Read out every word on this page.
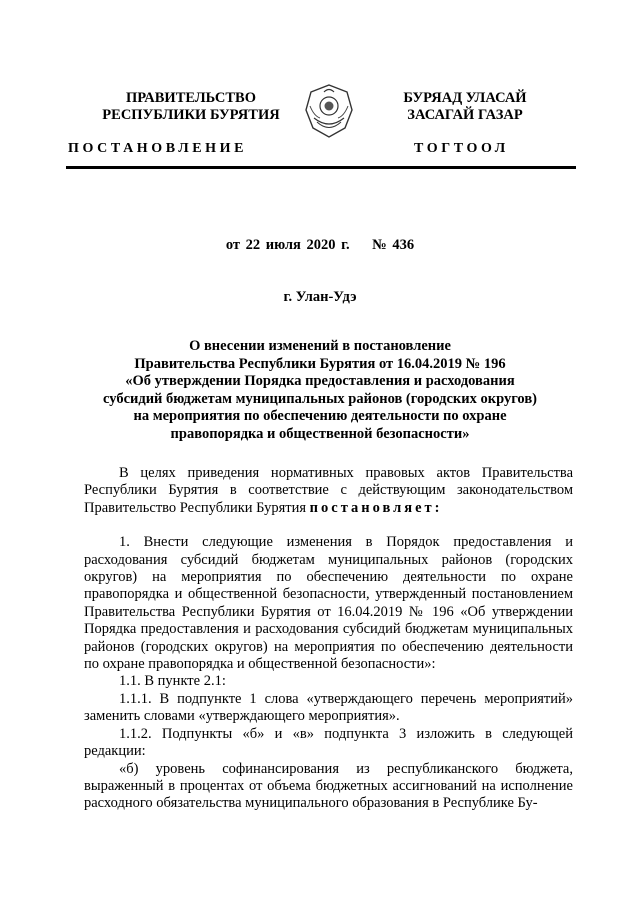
ПРАВИТЕЛЬСТВО
РЕСПУБЛИКИ БУРЯТИЯ
БУРЯАД УЛАСАЙ
ЗАСАГАЙ ГАЗАР
ПОСТАНОВЛЕНИЕ	ТОГТООЛ
от 22 июля 2020 г. № 436
г. Улан-Удэ
О внесении изменений в постановление
Правительства Республики Бурятия от 16.04.2019 № 196
«Об утверждении Порядка предоставления и расходования
субсидий бюджетам муниципальных районов (городских округов)
на мероприятия по обеспечению деятельности по охране
правопорядка и общественной безопасности»

В целях приведения нормативных правовых актов Правительства Республики Бурятия в соответствие с действующим законодательством Правительство Республики Бурятия постановляет:

1. Внести следующие изменения в Порядок предоставления и расходования субсидий бюджетам муниципальных районов (городских округов) на мероприятия по обеспечению деятельности по охране правопорядка и общественной безопасности, утвержденный постановлением Правительства Республики Бурятия от 16.04.2019 № 196 «Об утверждении Порядка предоставления и расходования субсидий бюджетам муниципальных районов (городских округов) на мероприятия по обеспечению деятельности по охране правопорядка и общественной безопасности»:

1.1. В пункте 2.1:

1.1.1. В подпункте 1 слова «утверждающего перечень мероприятий» заменить словами «утверждающего мероприятия».

1.1.2. Подпункты «б» и «в» подпункта 3 изложить в следующей редакции:

«б) уровень софинансирования из республиканского бюджета, выраженный в процентах от объема бюджетных ассигнований на исполнение расходного обязательства муниципального образования в Республике Бу-
